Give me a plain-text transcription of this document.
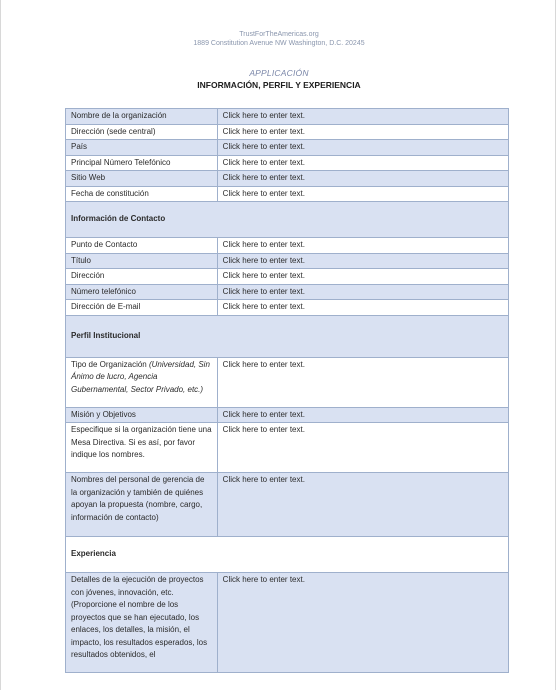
TrustForTheAmericas.org
1889 Constitution Avenue NW Washington, D.C. 20245
APPLICACIÓN
INFORMACIÓN, PERFIL Y EXPERIENCIA
Nombre de la organización	Click here to enter text.
Dirección (sede central)	Click here to enter text.
País	Click here to enter text.
Principal Número Telefónico	Click here to enter text.
Sitio Web	Click here to enter text.
Fecha de constitución	Click here to enter text.
Información de Contacto	
Punto de Contacto	Click here to enter text.
Título	Click here to enter text.
Dirección	Click here to enter text.
Número telefónico	Click here to enter text.
Dirección de E-mail	Click here to enter text.
Perfil Institucional	
Tipo de Organización (Universidad, Sin Ánimo de lucro, Agencia Gubernamental, Sector Privado, etc.)	Click here to enter text.
Misión y Objetivos	Click here to enter text.
Especifique si la organización tiene una Mesa Directiva. Si es así, por favor indique los nombres.	Click here to enter text.
Nombres del personal de gerencia de la organización y también de quiénes apoyan la propuesta (nombre, cargo, información de contacto)	Click here to enter text.
Experiencia	
Detalles de la ejecución de proyectos con jóvenes, innovación, etc. (Proporcione el nombre de los proyectos que se han ejecutado, los enlaces, los detalles, la misión, el impacto, los resultados esperados, los resultados obtenidos, el	Click here to enter text.
